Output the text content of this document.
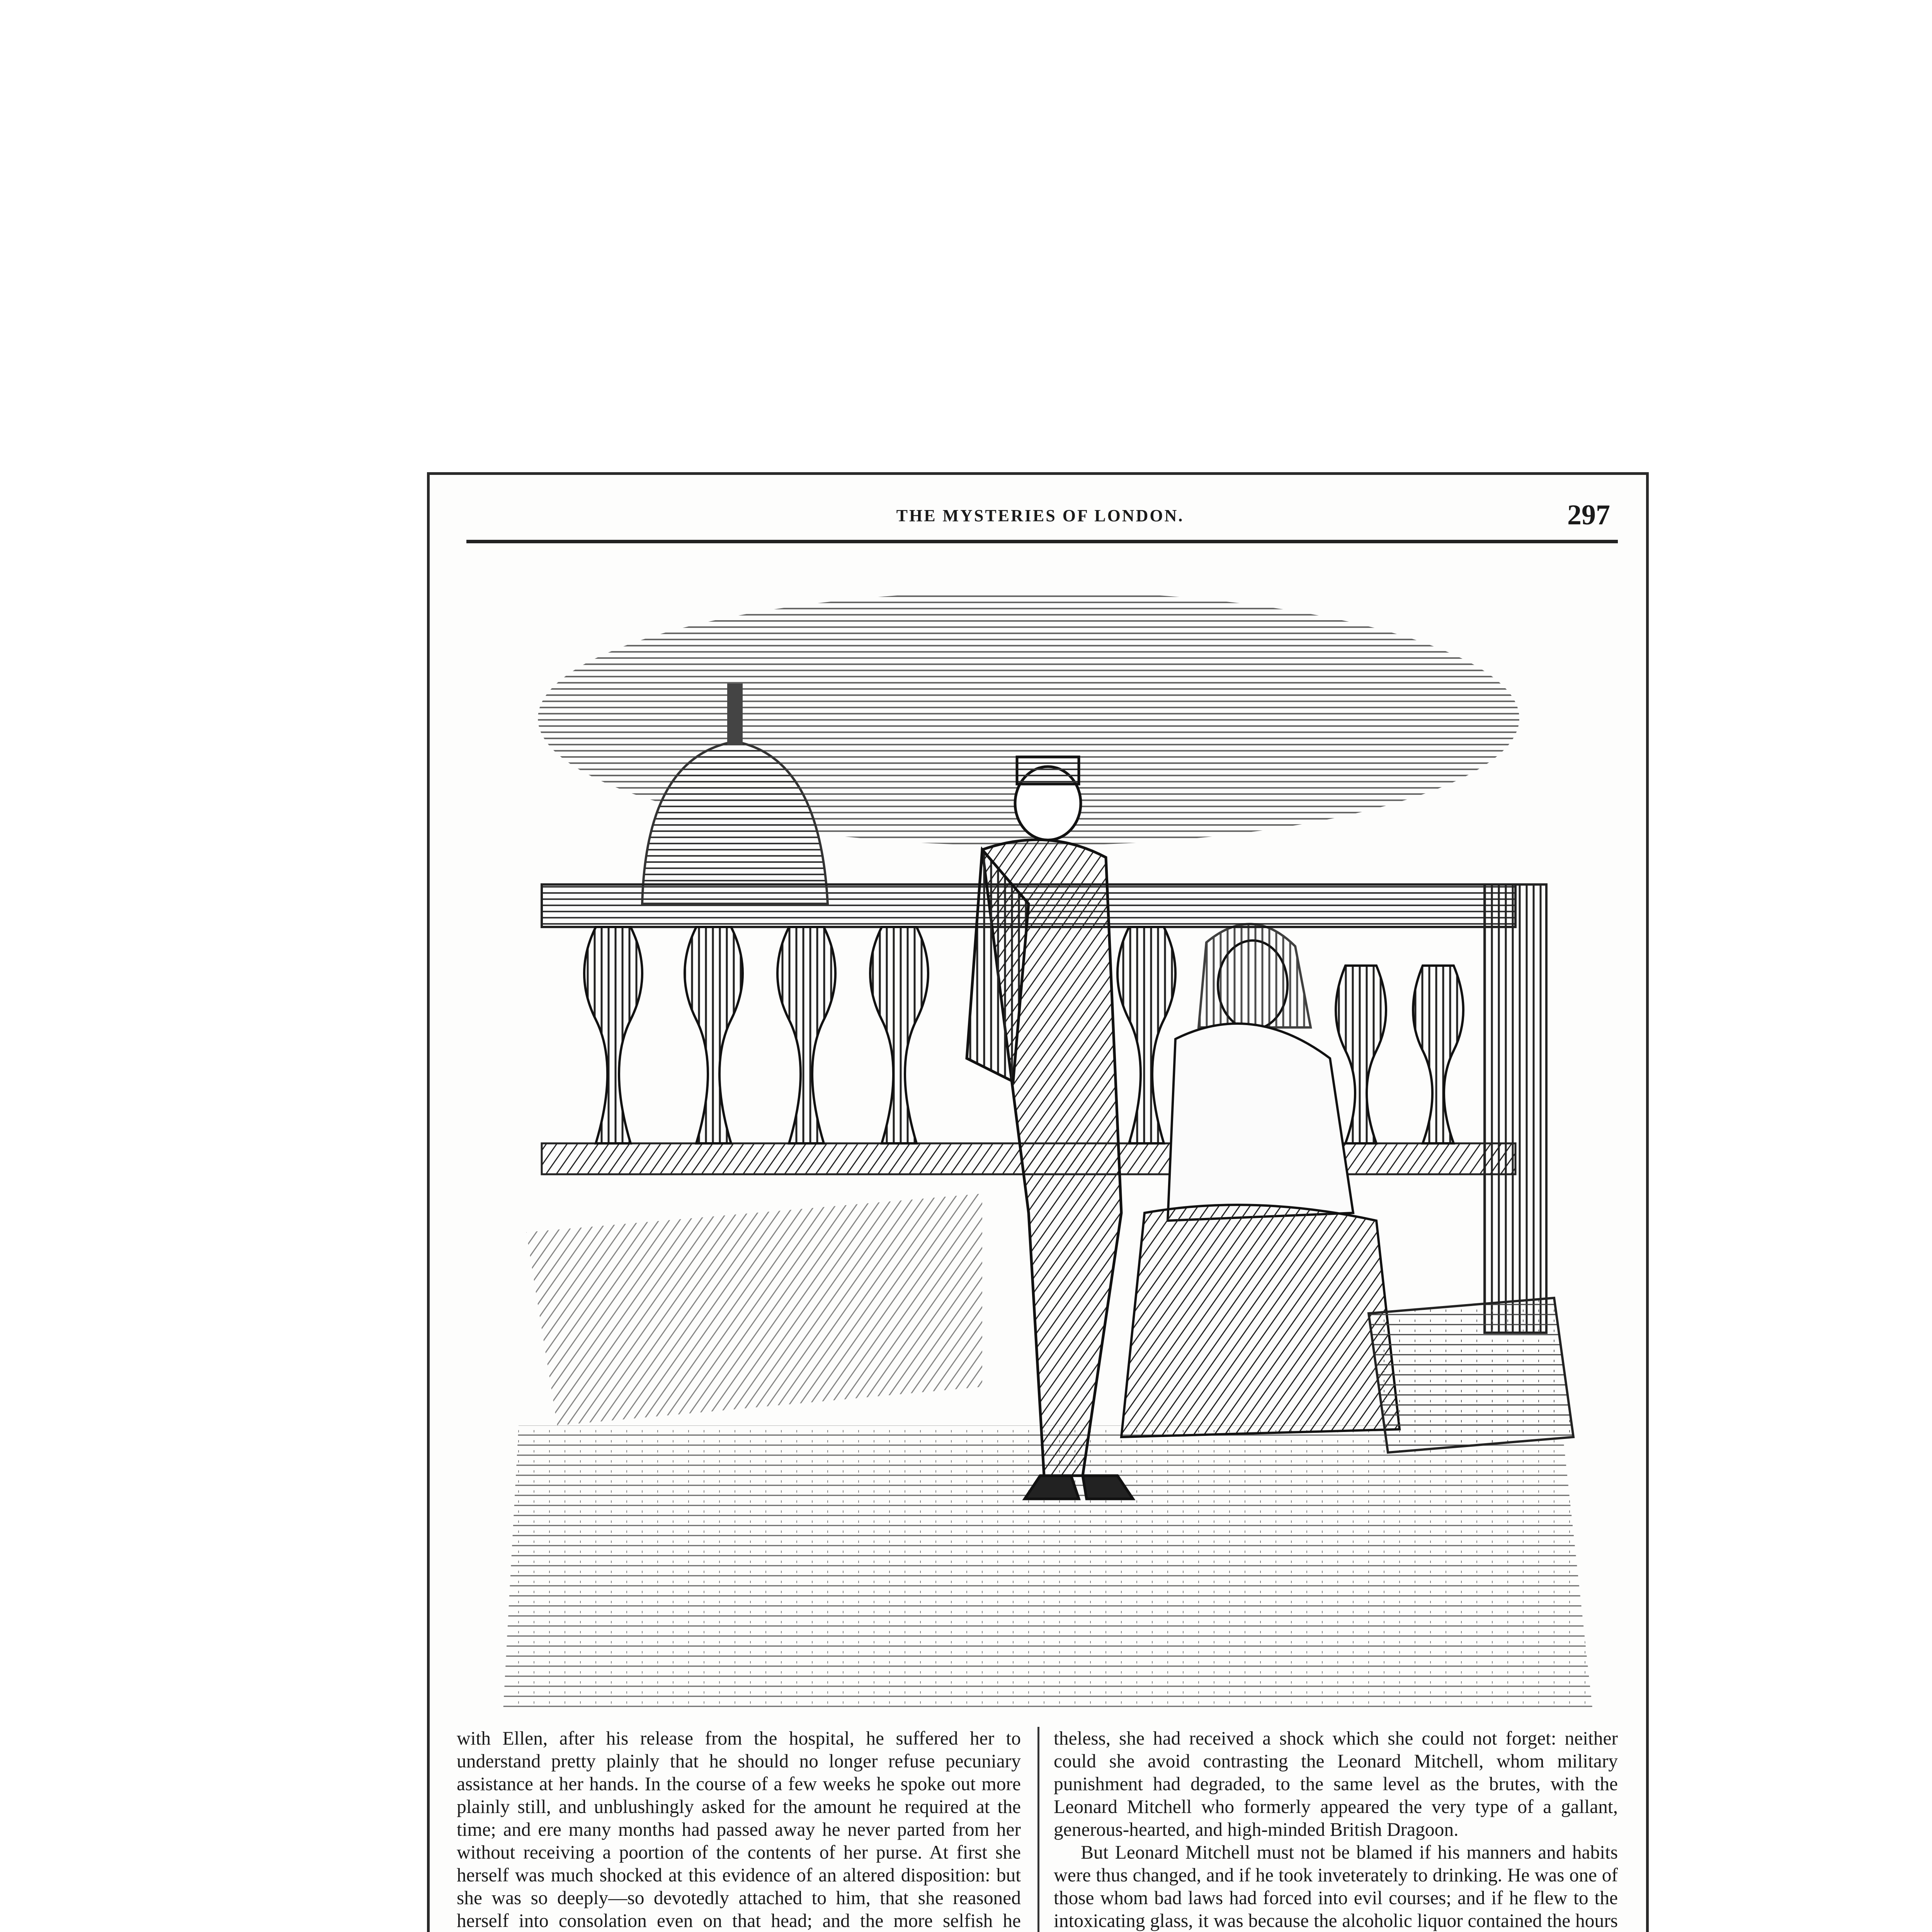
THE MYSTERIES OF LONDON.	297

with Ellen, after his release from the hospital, he suffered her to understand pretty plainly that he should no longer refuse pecuniary assistance at her hands. In the course of a few weeks he spoke out more plainly still, and unblushingly asked for the amount he required at the time; and ere many months had passed away he never parted from her without receiving a poortion of the contents of her purse. At first she herself was much shocked at this evidence of an altered disposition: but she was so deeply—so devotedly attached to him, that she reasoned herself into consolation even on that head; and the more selfish he

theless, she had received a shock which she could not forget: neither could she avoid contrasting the Leonard Mitchell, whom military punishment had degraded, to the same level as the brutes, with the Leonard Mitchell who formerly appeared the very type of a gallant, generous-hearted, and high-minded British Dragoon.

But Leonard Mitchell must not be blamed if his manners and habits were thus changed, and if he took inveterately to drinking. He was one of those whom bad laws had forced into evil courses; and if he flew to the intoxicating glass, it was because the alcoholic liquor contained the hours
